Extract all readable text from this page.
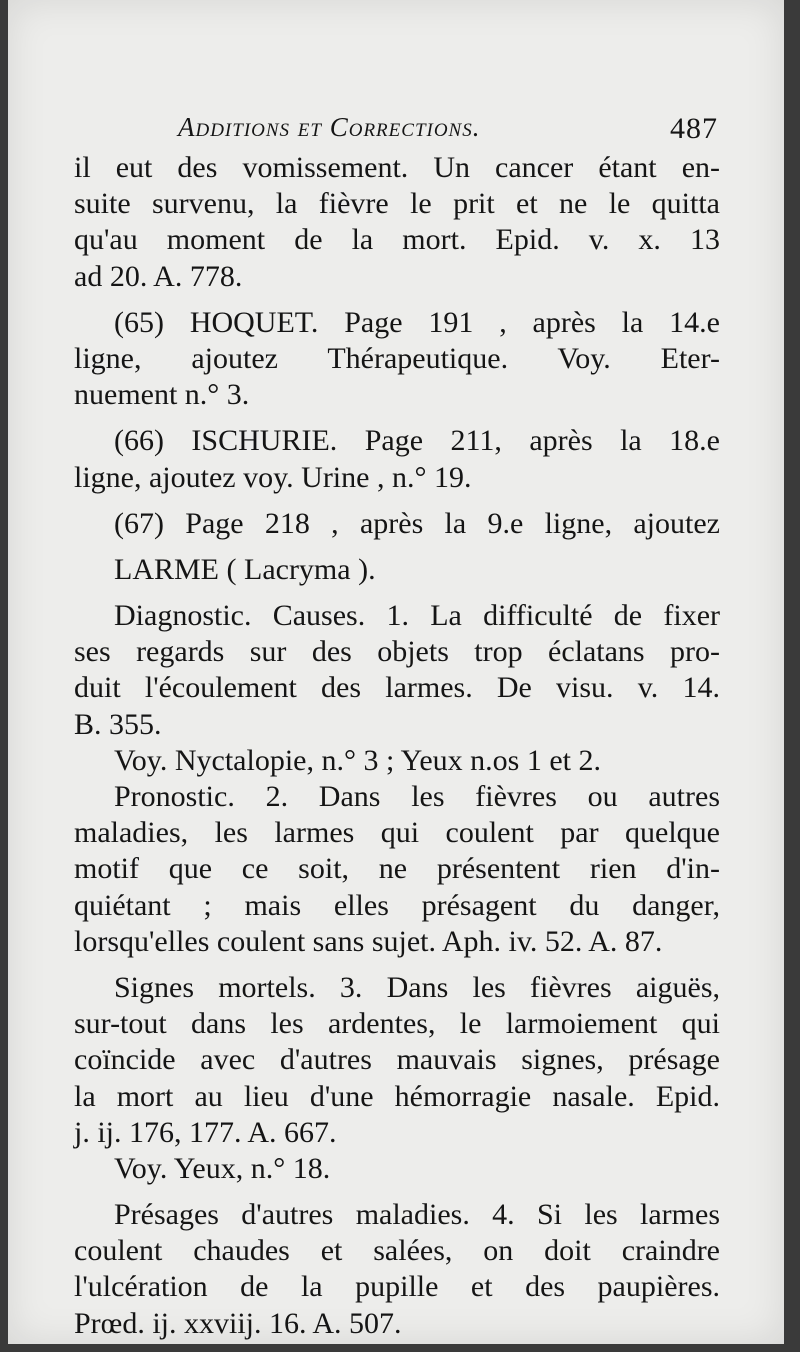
Additions et Corrections.	487
il eut des vomissement. Un cancer étant en-
suite survenu, la fièvre le prit et ne le quitta
qu'au moment de la mort. Epid. v. x. 13
ad 20. A. 778.
(65) HOQUET. Page 191 , après la 14.e
ligne, ajoutez Thérapeutique. Voy. Eter-
nuement n.° 3.
(66) ISCHURIE. Page 211, après la 18.e
ligne, ajoutez voy. Urine , n.° 19.
(67) Page 218 , après la 9.e ligne, ajoutez
LARME ( Lacryma ).
Diagnostic. Causes. 1. La difficulté de fixer
ses regards sur des objets trop éclatans pro-
duit l'écoulement des larmes. De visu. v. 14.
B. 355.
Voy. Nyctalopie, n.° 3 ; Yeux n.os 1 et 2.
Pronostic. 2. Dans les fièvres ou autres
maladies, les larmes qui coulent par quelque
motif que ce soit, ne présentent rien d'in-
quiétant ; mais elles présagent du danger,
lorsqu'elles coulent sans sujet. Aph. iv. 52. A. 87.
Signes mortels. 3. Dans les fièvres aiguës,
sur-tout dans les ardentes, le larmoiement qui
coïncide avec d'autres mauvais signes, présage
la mort au lieu d'une hémorragie nasale. Epid.
j. ij. 176, 177. A. 667.
Voy. Yeux, n.° 18.
Présages d'autres maladies. 4. Si les larmes
coulent chaudes et salées, on doit craindre
l'ulcération de la pupille et des paupières.
Prœd. ij. xxviij. 16. A. 507.
